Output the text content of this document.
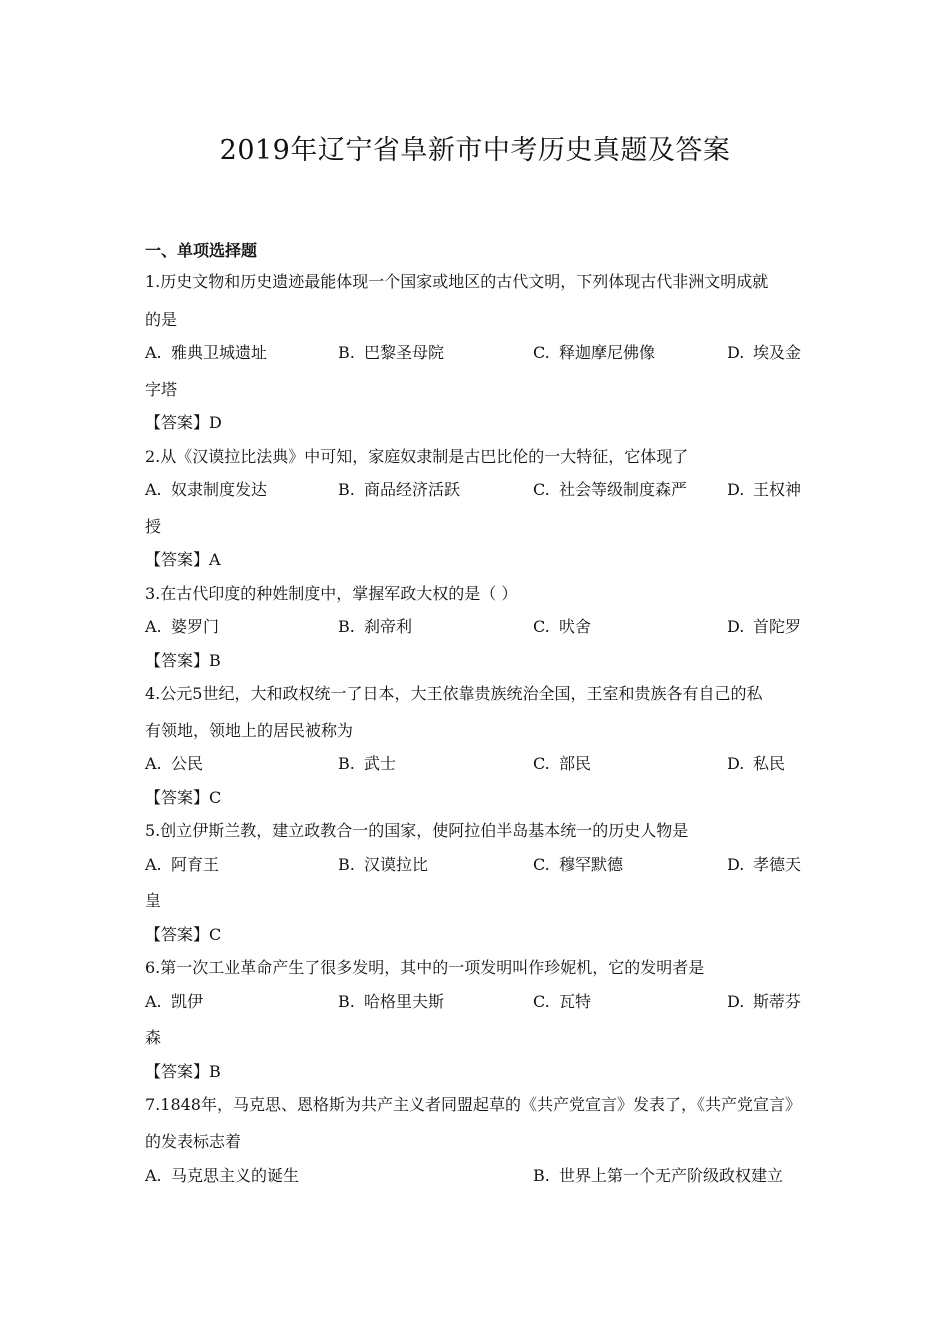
2019年辽宁省阜新市中考历史真题及答案
一、单项选择题
1.历史文物和历史遗迹最能体现一个国家或地区的古代文明，下列体现古代非洲文明成就
的是
A. 雅典卫城遗址	B. 巴黎圣母院	C. 释迦摩尼佛像	D. 埃及金
字塔
【答案】D
2.从《汉谟拉比法典》中可知，家庭奴隶制是古巴比伦的一大特征，它体现了
A. 奴隶制度发达	B. 商品经济活跃	C. 社会等级制度森严 D. 王权神
授
【答案】A
3.在古代印度的种姓制度中，掌握军政大权的是（ ）
A. 婆罗门	B. 刹帝利	C. 吠舍	D. 首陀罗
【答案】B
4.公元5世纪，大和政权统一了日本，大王依靠贵族统治全国，王室和贵族各有自己的私
有领地，领地上的居民被称为
A. 公民	B. 武士	C. 部民	D. 私民
【答案】C
5.创立伊斯兰教，建立政教合一的国家，使阿拉伯半岛基本统一的历史人物是
A. 阿育王	B. 汉谟拉比	C. 穆罕默德	D. 孝德天
皇
【答案】C
6.第一次工业革命产生了很多发明，其中的一项发明叫作珍妮机，它的发明者是
A. 凯伊	B. 哈格里夫斯	C. 瓦特	D. 斯蒂芬
森
【答案】B
7.1848年，马克思、恩格斯为共产主义者同盟起草的《共产党宣言》发表了，《共产党宣言》
的发表标志着
A. 马克思主义的诞生	B. 世界上第一个无产阶级政权建立
